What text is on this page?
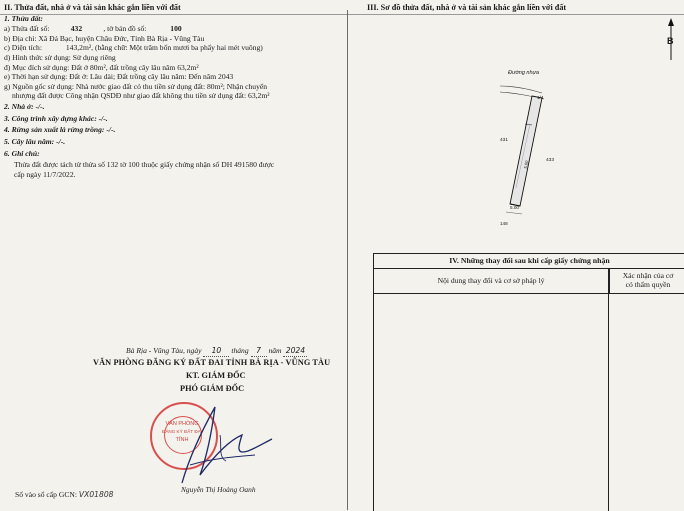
II. Thửa đất, nhà ở và tài sản khác gắn liền với đất
1. Thửa đất:
a) Thửa đất số:	432	, tờ bản đồ số:	100
b) Địa chỉ: Xã Đá Bạc, huyện Châu Đức, Tỉnh Bà Rịa - Vũng Tàu
c) Diện tích:	143,2m², (bằng chữ: Một trăm bốn mươi ba phẩy hai mét vuông)
d) Hình thức sử dụng: Sử dụng riêng
đ) Mục đích sử dụng: Đất ở 80m², đất trồng cây lâu năm 63,2m²
e) Thời hạn sử dụng: Đất ở: Lâu dài; Đất trồng cây lâu năm: Đến năm 2043
g) Nguồn gốc sử dụng: Nhà nước giao đất có thu tiền sử dụng đất: 80m²; Nhận chuyển
nhượng đất được Công nhận QSDĐ như giao đất không thu tiền sử dụng đất: 63,2m²
2. Nhà ở: -/-.
3. Công trình xây dựng khác: -/-.
4. Rừng sản xuất là rừng trồng: -/-.
5. Cây lâu năm: -/-.
6. Ghi chú:
Thửa đất được tách từ thửa số 132 tờ 100 thuộc giấy chứng nhận số DH 491580 được
cấp ngày 11/7/2022.
Bà Rịa - Vũng Tàu, ngày 10 tháng 7 năm 2024
VĂN PHÒNG ĐĂNG KÝ ĐẤT ĐAI TỈNH BÀ RỊA - VŨNG TÀU
KT. GIÁM ĐỐC
PHÓ GIÁM ĐỐC
VĂN PHÒNG
ĐĂNG KÝ ĐẤT ĐAI
TỈNH
Nguyễn Thị Hoàng Oanh
Số vào sổ cấp GCN: VX01808
III. Sơ đồ thửa đất, nhà ở và tài sản khác gắn liền với đất
B
Đường nhựa
1/4
431
433
5.00
5.00
148
IV. Những thay đổi sau khi cấp giấy chứng nhận
Nội dung thay đổi và cơ sở pháp lý
Xác nhận của cơ
có thẩm quyền
